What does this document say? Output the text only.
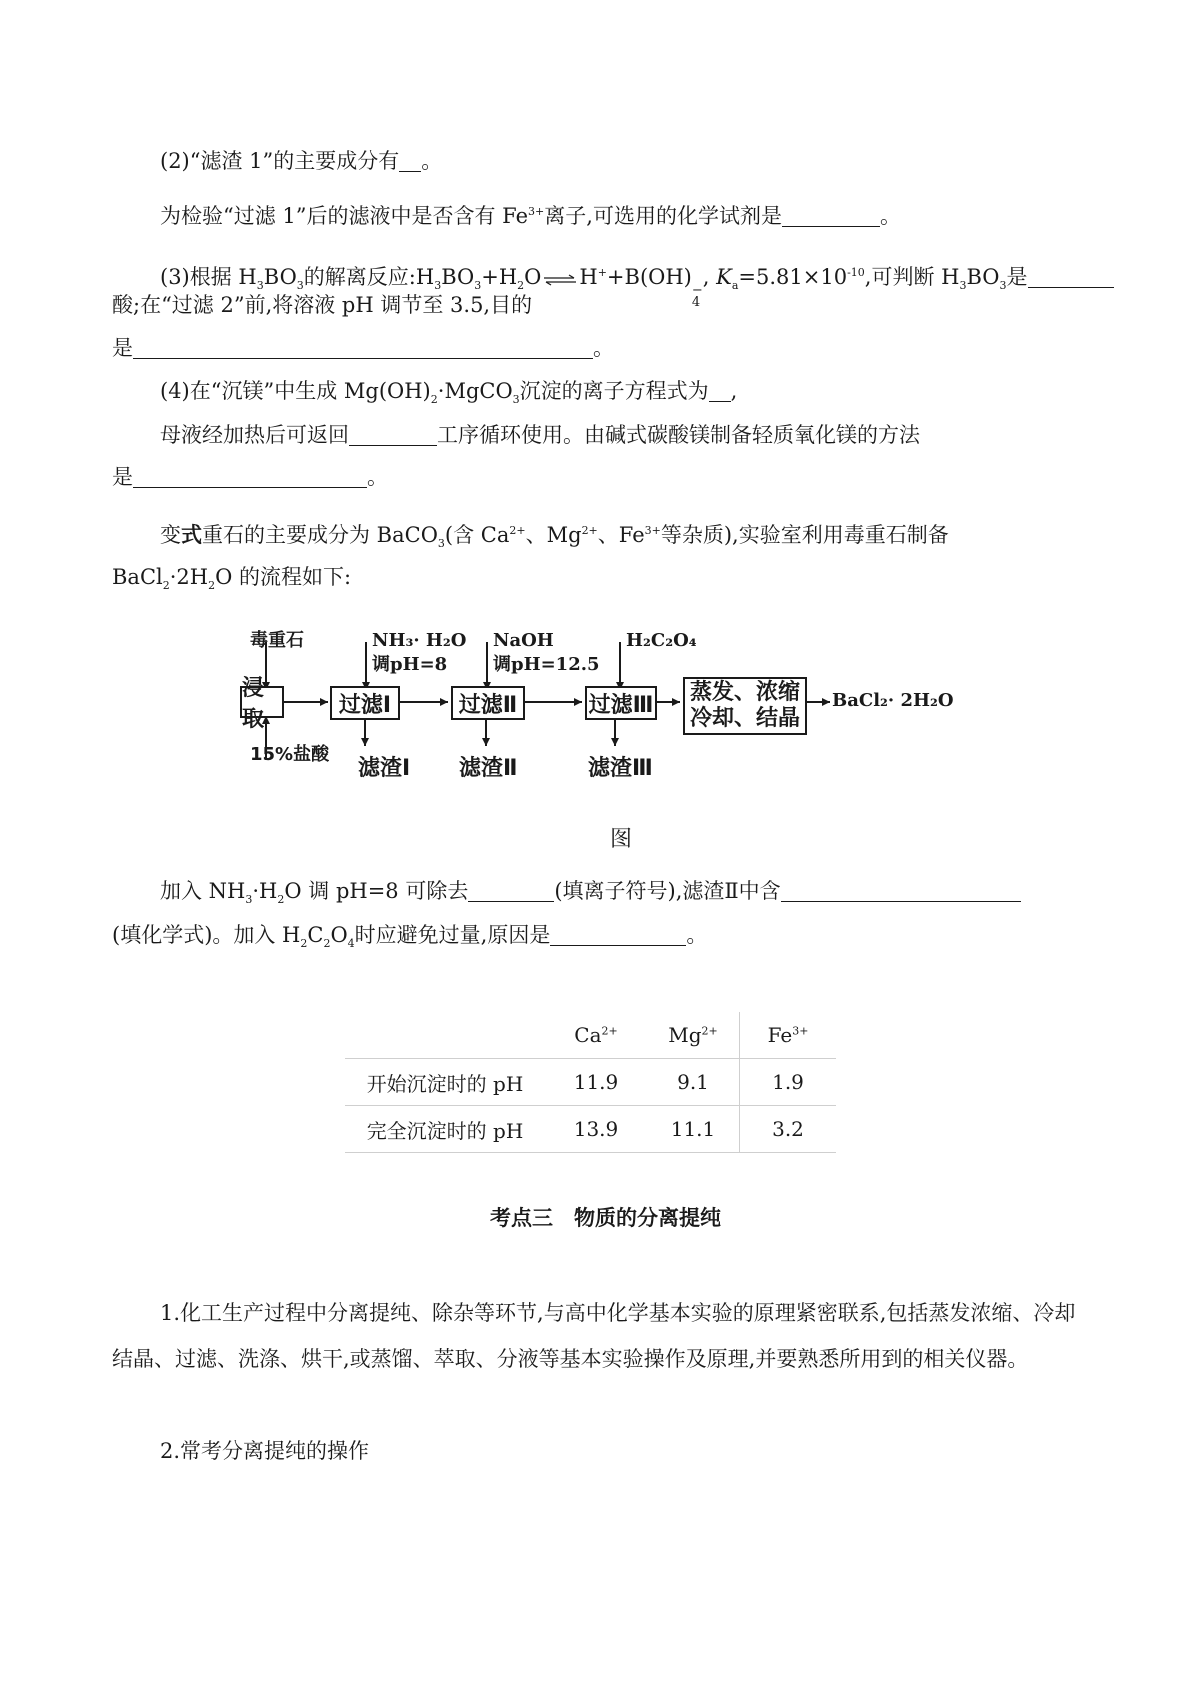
(2)“滤渣 1”的主要成分有 。
为检验“过滤 1”后的滤液中是否含有 $Fe^{3+}$离子,可选用的化学试剂是	。
(3)根据 $H_3BO_3$的解离反应$:H_3BO_3+H_2O$ ⇌ H++B(OH)
−
4
, $K_a=5.81\times 10^{-10}$,可判断 $H_3BO_3$是
酸;在“过滤 2”前,将溶液 pH 调节至 3.5,目的
是	。
(4)在“沉镁”中生成 $Mg(OH)_2\cdot MgCO_3$沉淀的离子方程式为 ,
母液经加热后可返回	工序循环使用。由碱式碳酸镁制备轻质氧化镁的方法
是	。
变式重石的主要成分为 BaCO$_3$(含 $Ca^{2+}$、$Mg^{2+}$、$Fe^{3+}$等杂质),实验室利用毒重石制备
$BaCl_2\cdot 2H_2O$ 的流程如下:
毒重石
15%盐酸
NH₃· H₂O
调pH=8
NaOH
调pH=12.5
H₂C₂O₄
浸取
过滤Ⅰ	过滤Ⅱ	过滤Ⅲ 蒸发、浓缩
冷却、结晶
BaCl₂· 2H₂O
滤渣Ⅰ 滤渣Ⅱ	滤渣Ⅲ
图
加入 $NH_3\cdot H_2O$ 调 pH=8 可除去	(填离子符号),滤渣Ⅱ中含
(填化学式)。加入 $H_2C_2O_4$时应避免过量,原因是	。
	$Ca^{2+}$	$Mg^{2+}$	$Fe^{3+}$
开始沉淀时的 pH	11.9	9.1	1.9
完全沉淀时的 pH	13.9	11.1	3.2
考点三　物质的分离提纯
1.化工生产过程中分离提纯、除杂等环节,与高中化学基本实验的原理紧密联系,包括蒸发浓缩、冷却结晶、过滤、洗涤、烘干,或蒸馏、萃取、分液等基本实验操作及原理,并要熟悉所用到的相关仪器。
2.常考分离提纯的操作
